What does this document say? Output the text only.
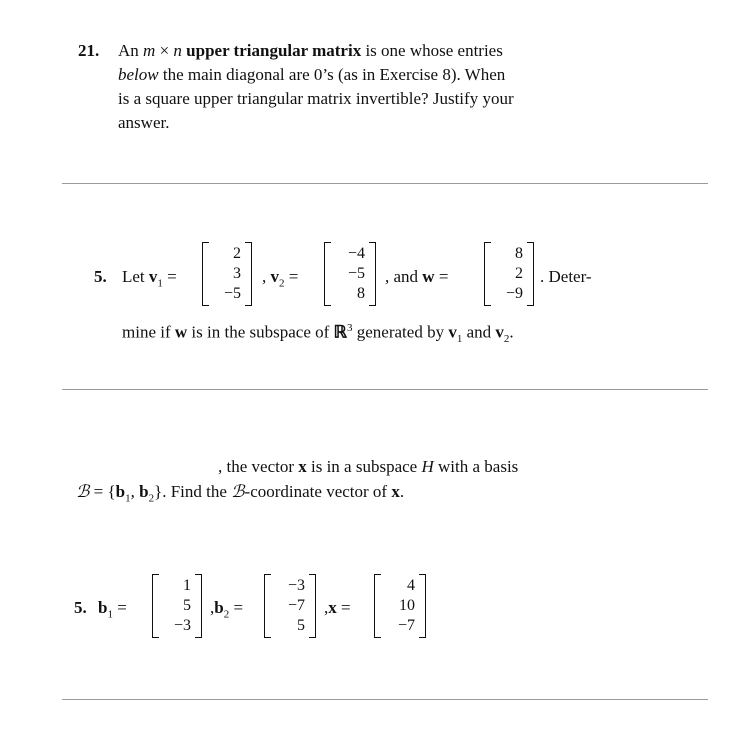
21. An m × n upper triangular matrix is one whose entries
below the main diagonal are 0’s (as in Exercise 8). When
is a square upper triangular matrix invertible? Justify your
answer.
5. Let $v_1$ =
2
3
−5
, $v_2$ =
−4
−5
8
, and w =
8
2
−9
. Deter-
mine if w is in the subspace of ℝ$^3$ generated by $v_1$ and $v_2$.
, the vector x is in a subspace H with a basis
ℬ = {$b_1$, $b_2$}. Find the ℬ-coordinate vector of x.
5. $b_1$ =
1
5
−3
$,b_2$ =
−3
−7
5
,x =
4
10
−7
